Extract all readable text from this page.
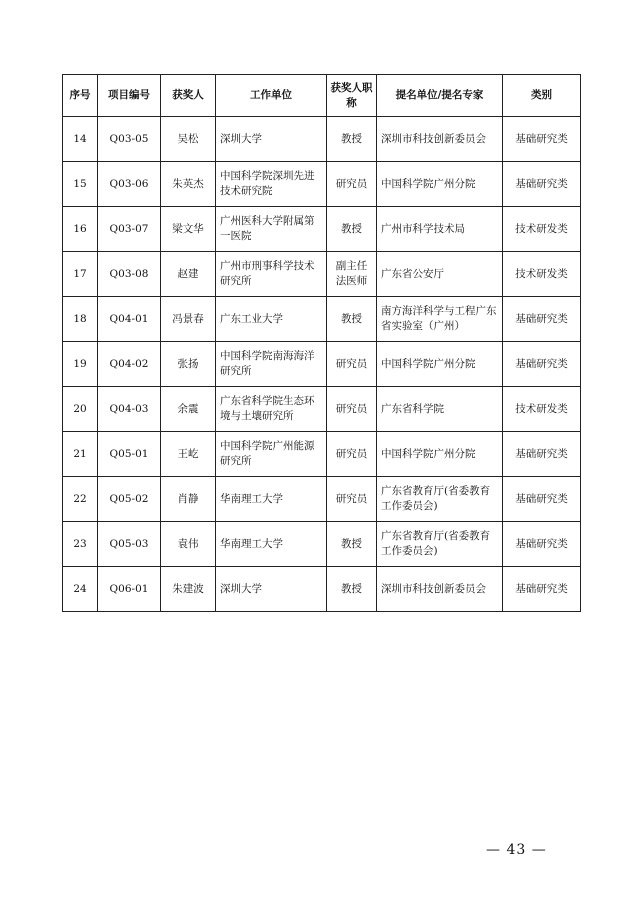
序号	项目编号	获奖人	工作单位	获奖人职称	提名单位/提名专家	类别
14	Q03-05	吴松	深圳大学	教授	深圳市科技创新委员会	基础研究类
15	Q03-06	朱英杰	中国科学院深圳先进技术研究院	研究员	中国科学院广州分院	基础研究类
16	Q03-07	梁文华	广州医科大学附属第一医院	教授	广州市科学技术局	技术研发类
17	Q03-08	赵建	广州市刑事科学技术研究所	副主任法医师	广东省公安厅	技术研发类
18	Q04-01	冯景春	广东工业大学	教授	南方海洋科学与工程广东省实验室（广州）	基础研究类
19	Q04-02	张扬	中国科学院南海海洋研究所	研究员	中国科学院广州分院	基础研究类
20	Q04-03	余震	广东省科学院生态环境与土壤研究所	研究员	广东省科学院	技术研发类
21	Q05-01	王屹	中国科学院广州能源研究所	研究员	中国科学院广州分院	基础研究类
22	Q05-02	肖静	华南理工大学	研究员	广东省教育厅(省委教育工作委员会)	基础研究类
23	Q05-03	袁伟	华南理工大学	教授	广东省教育厅(省委教育工作委员会)	基础研究类
24	Q06-01	朱建波	深圳大学	教授	深圳市科技创新委员会	基础研究类
— 43 —
